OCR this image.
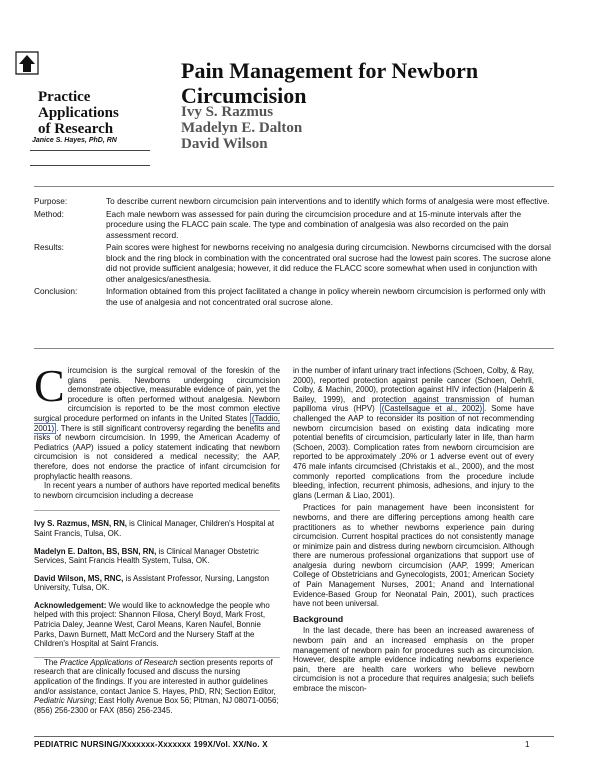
Practice
Applications
of Research
Janice S. Hayes, PhD, RN
Pain Management for Newborn Circumcision
Ivy S. Razmus
Madelyn E. Dalton
David Wilson
Purpose:	To describe current newborn circumcision pain interventions and to identify which forms of analgesia were most effective.
Method:	Each male newborn was assessed for pain during the circumcision procedure and at 15-minute intervals after the procedure using the FLACC pain scale. The type and combination of analgesia was also recorded on the pain assessment record.
Results:	Pain scores were highest for newborns receiving no analgesia during circumcision. Newborns circumcised with the dorsal block and the ring block in combination with the concentrated oral sucrose had the lowest pain scores. The sucrose alone did not provide sufficient analgesia; however, it did reduce the FLACC score somewhat when used in conjunction with other analgesics/anesthesia.
Conclusion:	Information obtained from this project facilitated a change in policy wherein newborn circumcision is performed only with the use of analgesia and not concentrated oral sucrose alone.

Circumcision is the surgical removal of the foreskin of the glans penis. Newborns undergoing circumcision demonstrate objective, measurable evidence of pain, yet the procedure is often performed without analgesia. Newborn circumcision is reported to be the most common elective surgical procedure performed on infants in the United States (Taddio, 2001) . There is still significant controversy regarding the benefits and risks of newborn circumcision. In 1999, the American Academy of Pediatrics (AAP) issued a policy statement indicating that newborn circumcision is not considered a medical necessity; the AAP, therefore, does not endorse the practice of infant circumcision for prophylactic health reasons.

In recent years a number of authors have reported medical benefits to newborn circumcision including a decrease

Ivy S. Razmus, MSN, RN, is Clinical Manager, Children's Hospital at Saint Francis, Tulsa, OK.

Madelyn E. Dalton, BS, BSN, RN, is Clinical Manager Obstetric Services, Saint Francis Health System, Tulsa, OK.

David Wilson, MS, RNC, is Assistant Professor, Nursing, Langston University, Tulsa, OK.

Acknowledgement: We would like to acknowledge the people who helped with this project: Shannon Filosa, Cheryl Boyd, Mark Frost, Patricia Daley, Jeanne West, Carol Means, Karen Naufel, Bonnie Parks, Dawn Burnett, Matt McCord and the Nursery Staff at the Children's Hospital at Saint Francis.

The Practice Applications of Research section presents reports of research that are clinically focused and discuss the nursing application of the findings. If you are interested in author guidelines and/or assistance, contact Janice S. Hayes, PhD, RN; Section Editor, Pediatric Nursing; East Holly Avenue Box 56; Pitman, NJ 08071-0056; (856) 256-2300 or FAX (856) 256-2345.

in the number of infant urinary tract infections (Schoen, Colby, & Ray, 2000), reported protection against penile cancer (Schoen, Oehrli, Colby, & Machin, 2000), protection against HIV infection (Halperin & Bailey, 1999), and protection against transmission of human papilloma virus (HPV) (Castellsague et al., 2002) . Some have challenged the AAP to reconsider its position of not recommending newborn circumcision based on existing data indicating more potential benefits of circumcision, particularly later in life, than harm (Schoen, 2003). Complication rates from newborn circumcision are reported to be approximately .20% or 1 adverse event out of every 476 male infants circumcised (Christakis et al., 2000), and the most commonly reported complications from the procedure include bleeding, infection, recurrent phimosis, adhesions, and injury to the glans (Lerman & Liao, 2001).

Practices for pain management have been inconsistent for newborns, and there are differing perceptions among health care practitioners as to whether newborns experience pain during circumcision. Current hospital practices do not consistently manage or minimize pain and distress during newborn circumcision. Although there are numerous professional organizations that support use of analgesia during newborn circumcision (AAP, 1999; American College of Obstetricians and Gynecologists, 2001; American Society of Pain Management Nurses, 2001; Anand and International Evidence-Based Group for Neonatal Pain, 2001), such practices have not been universal.

Background

In the last decade, there has been an increased awareness of newborn pain and an increased emphasis on the proper management of newborn pain for procedures such as circumcision. However, despite ample evidence indicating newborns experience pain, there are health care workers who believe newborn circumcision is not a procedure that requires analgesia; such beliefs embrace the miscon-

PEDIATRIC NURSING/Xxxxxxx-Xxxxxxx 199X/Vol. XX/No. X	1
